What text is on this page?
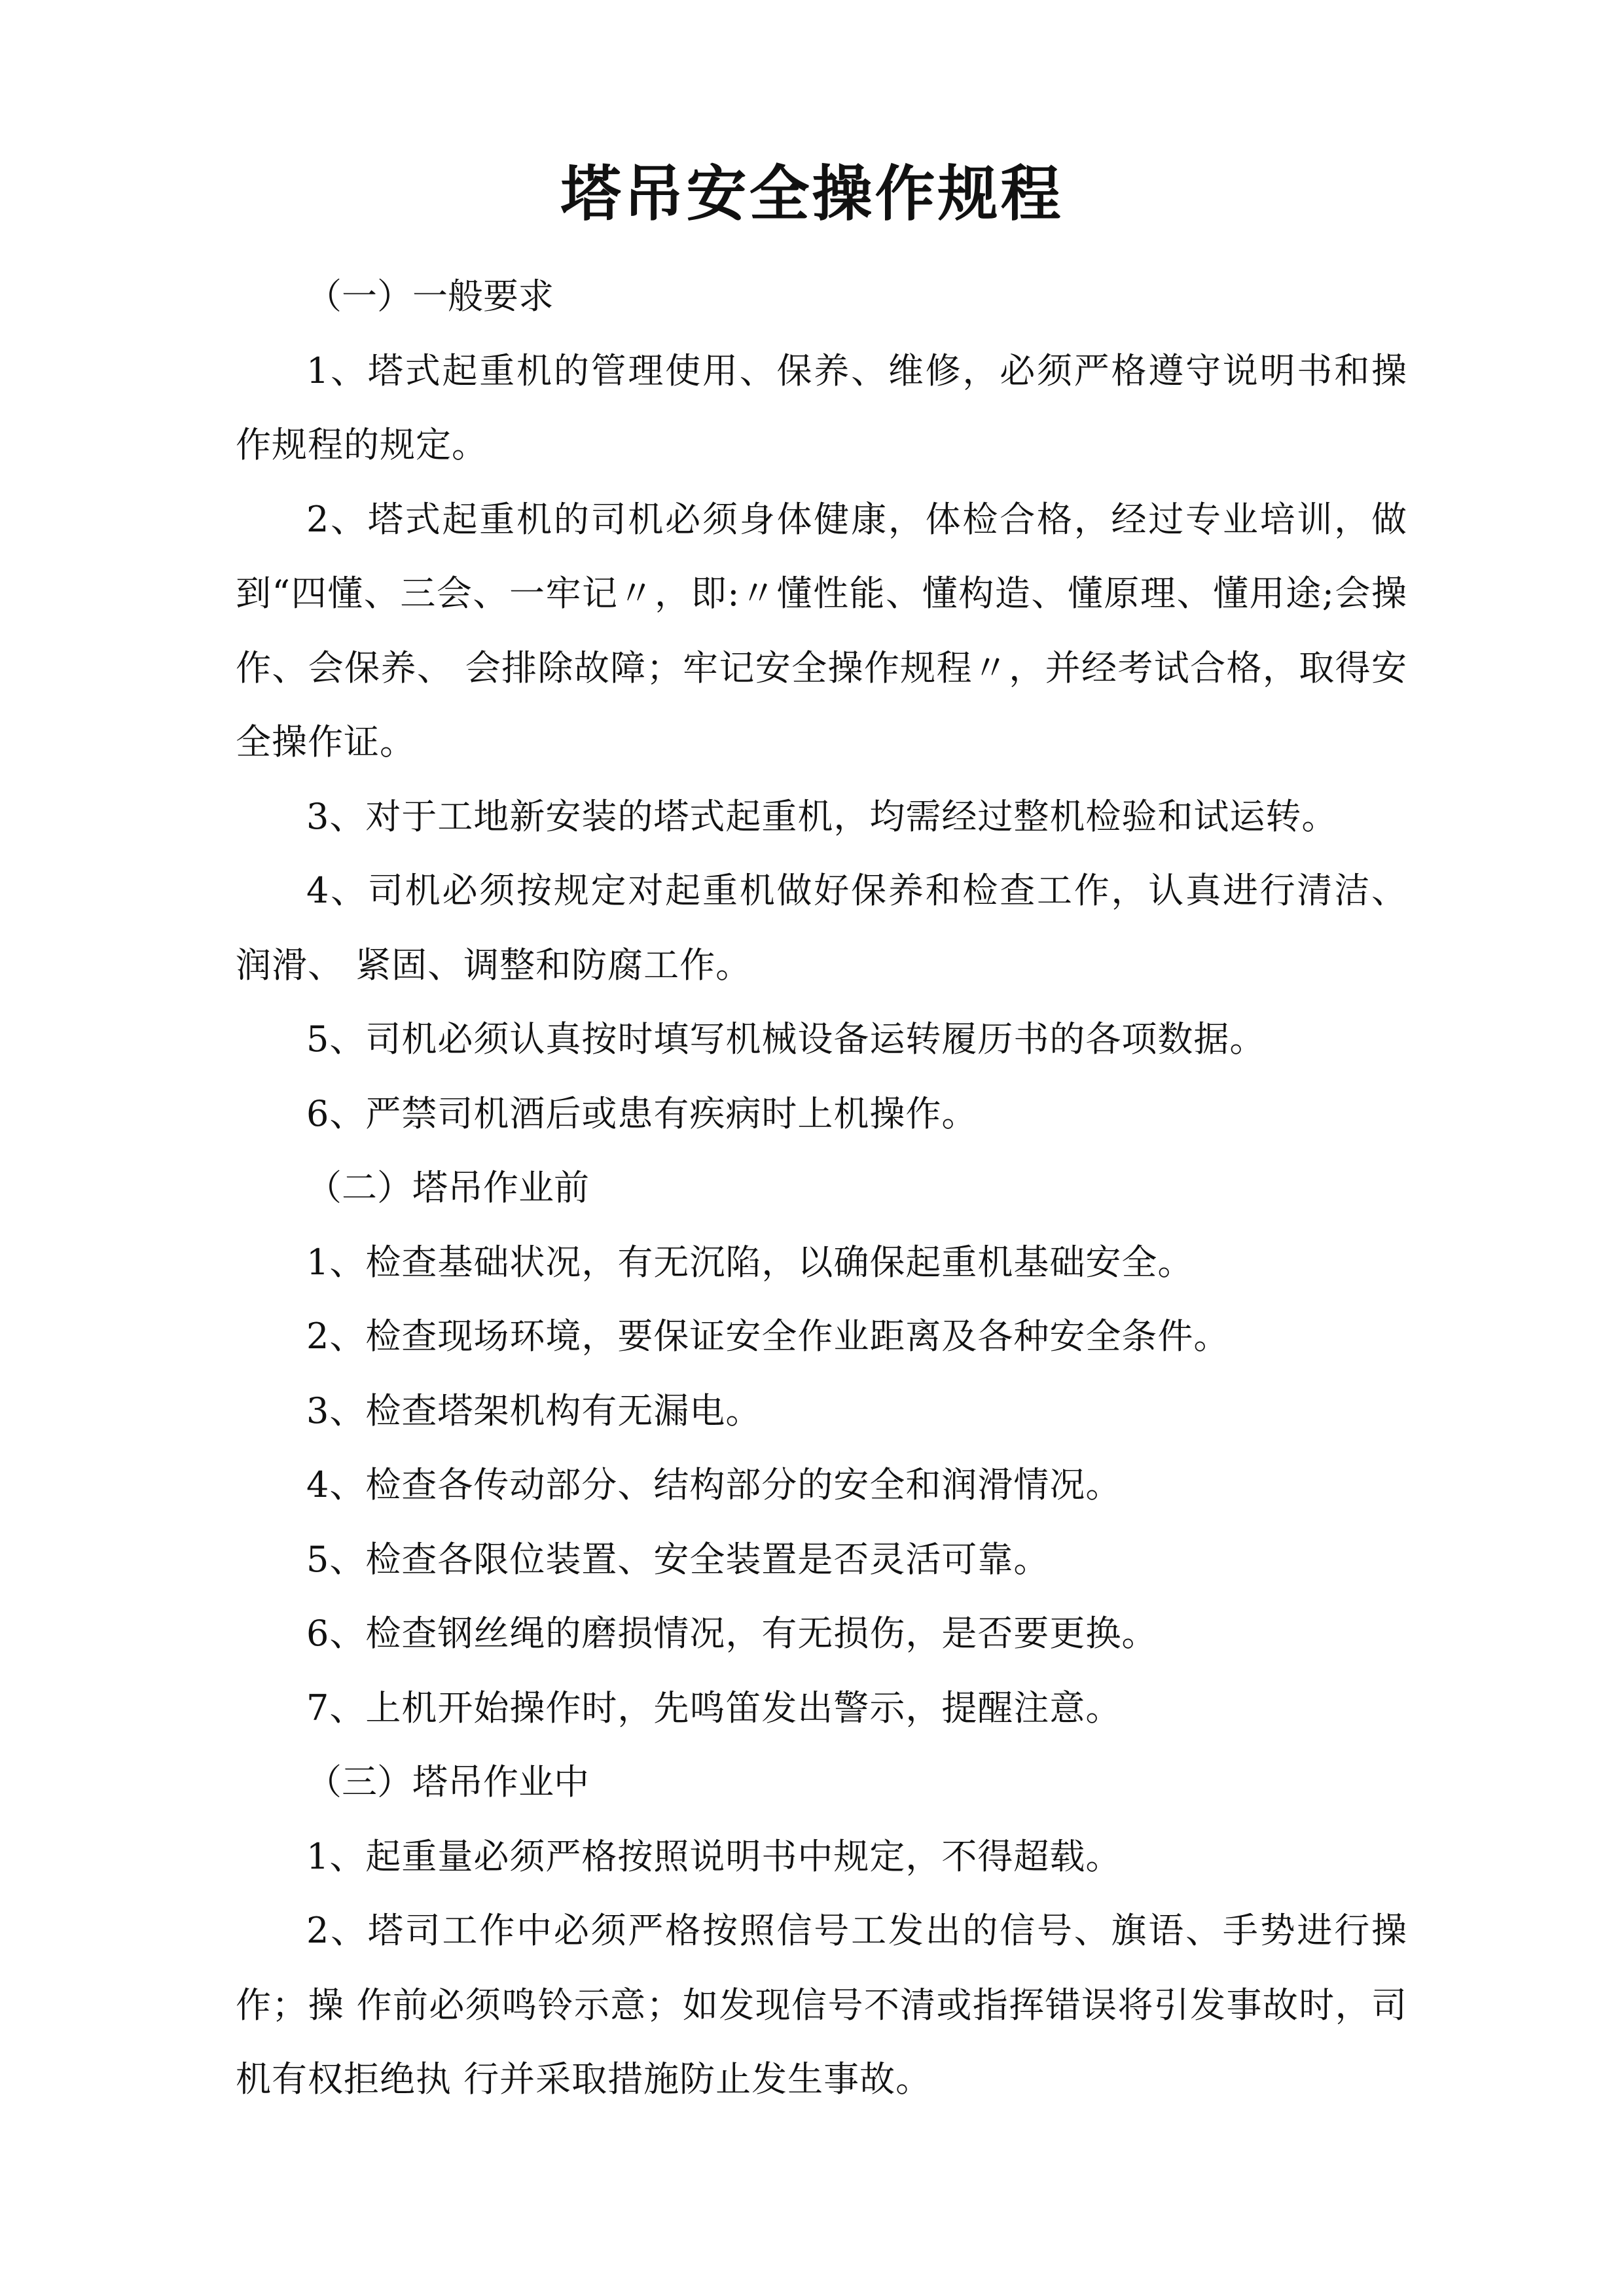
塔吊安全操作规程

（一）一般要求

1、塔式起重机的管理使用、保养、维修，必须严格遵守说明书和操作规程的规定。

2、塔式起重机的司机必须身体健康，体检合格，经过专业培训，做到“四懂、三会、一牢记〃，即:〃懂性能、懂构造、懂原理、懂用途;会操作、会保养、 会排除故障；牢记安全操作规程〃，并经考试合格，取得安全操作证。

3、对于工地新安装的塔式起重机，均需经过整机检验和试运转。

4、司机必须按规定对起重机做好保养和检查工作，认真进行清洁、润滑、 紧固、调整和防腐工作。

5、司机必须认真按时填写机械设备运转履历书的各项数据。

6、严禁司机酒后或患有疾病时上机操作。

（二）塔吊作业前

1、检查基础状况，有无沉陷，以确保起重机基础安全。

2、检查现场环境，要保证安全作业距离及各种安全条件。

3、检查塔架机构有无漏电。

4、检查各传动部分、结构部分的安全和润滑情况。

5、检查各限位装置、安全装置是否灵活可靠。

6、检查钢丝绳的磨损情况，有无损伤，是否要更换。

7、上机开始操作时，先鸣笛发出警示，提醒注意。

（三）塔吊作业中

1、起重量必须严格按照说明书中规定，不得超载。

2、塔司工作中必须严格按照信号工发出的信号、旗语、手势进行操作；操 作前必须鸣铃示意；如发现信号不清或指挥错误将引发事故时，司机有权拒绝执 行并采取措施防止发生事故。
